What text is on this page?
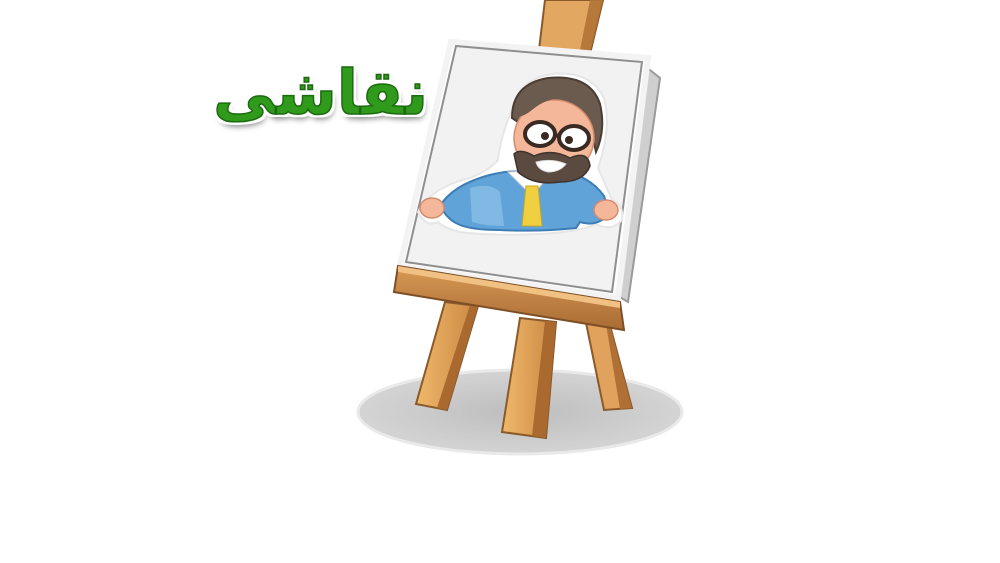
نقاشی
